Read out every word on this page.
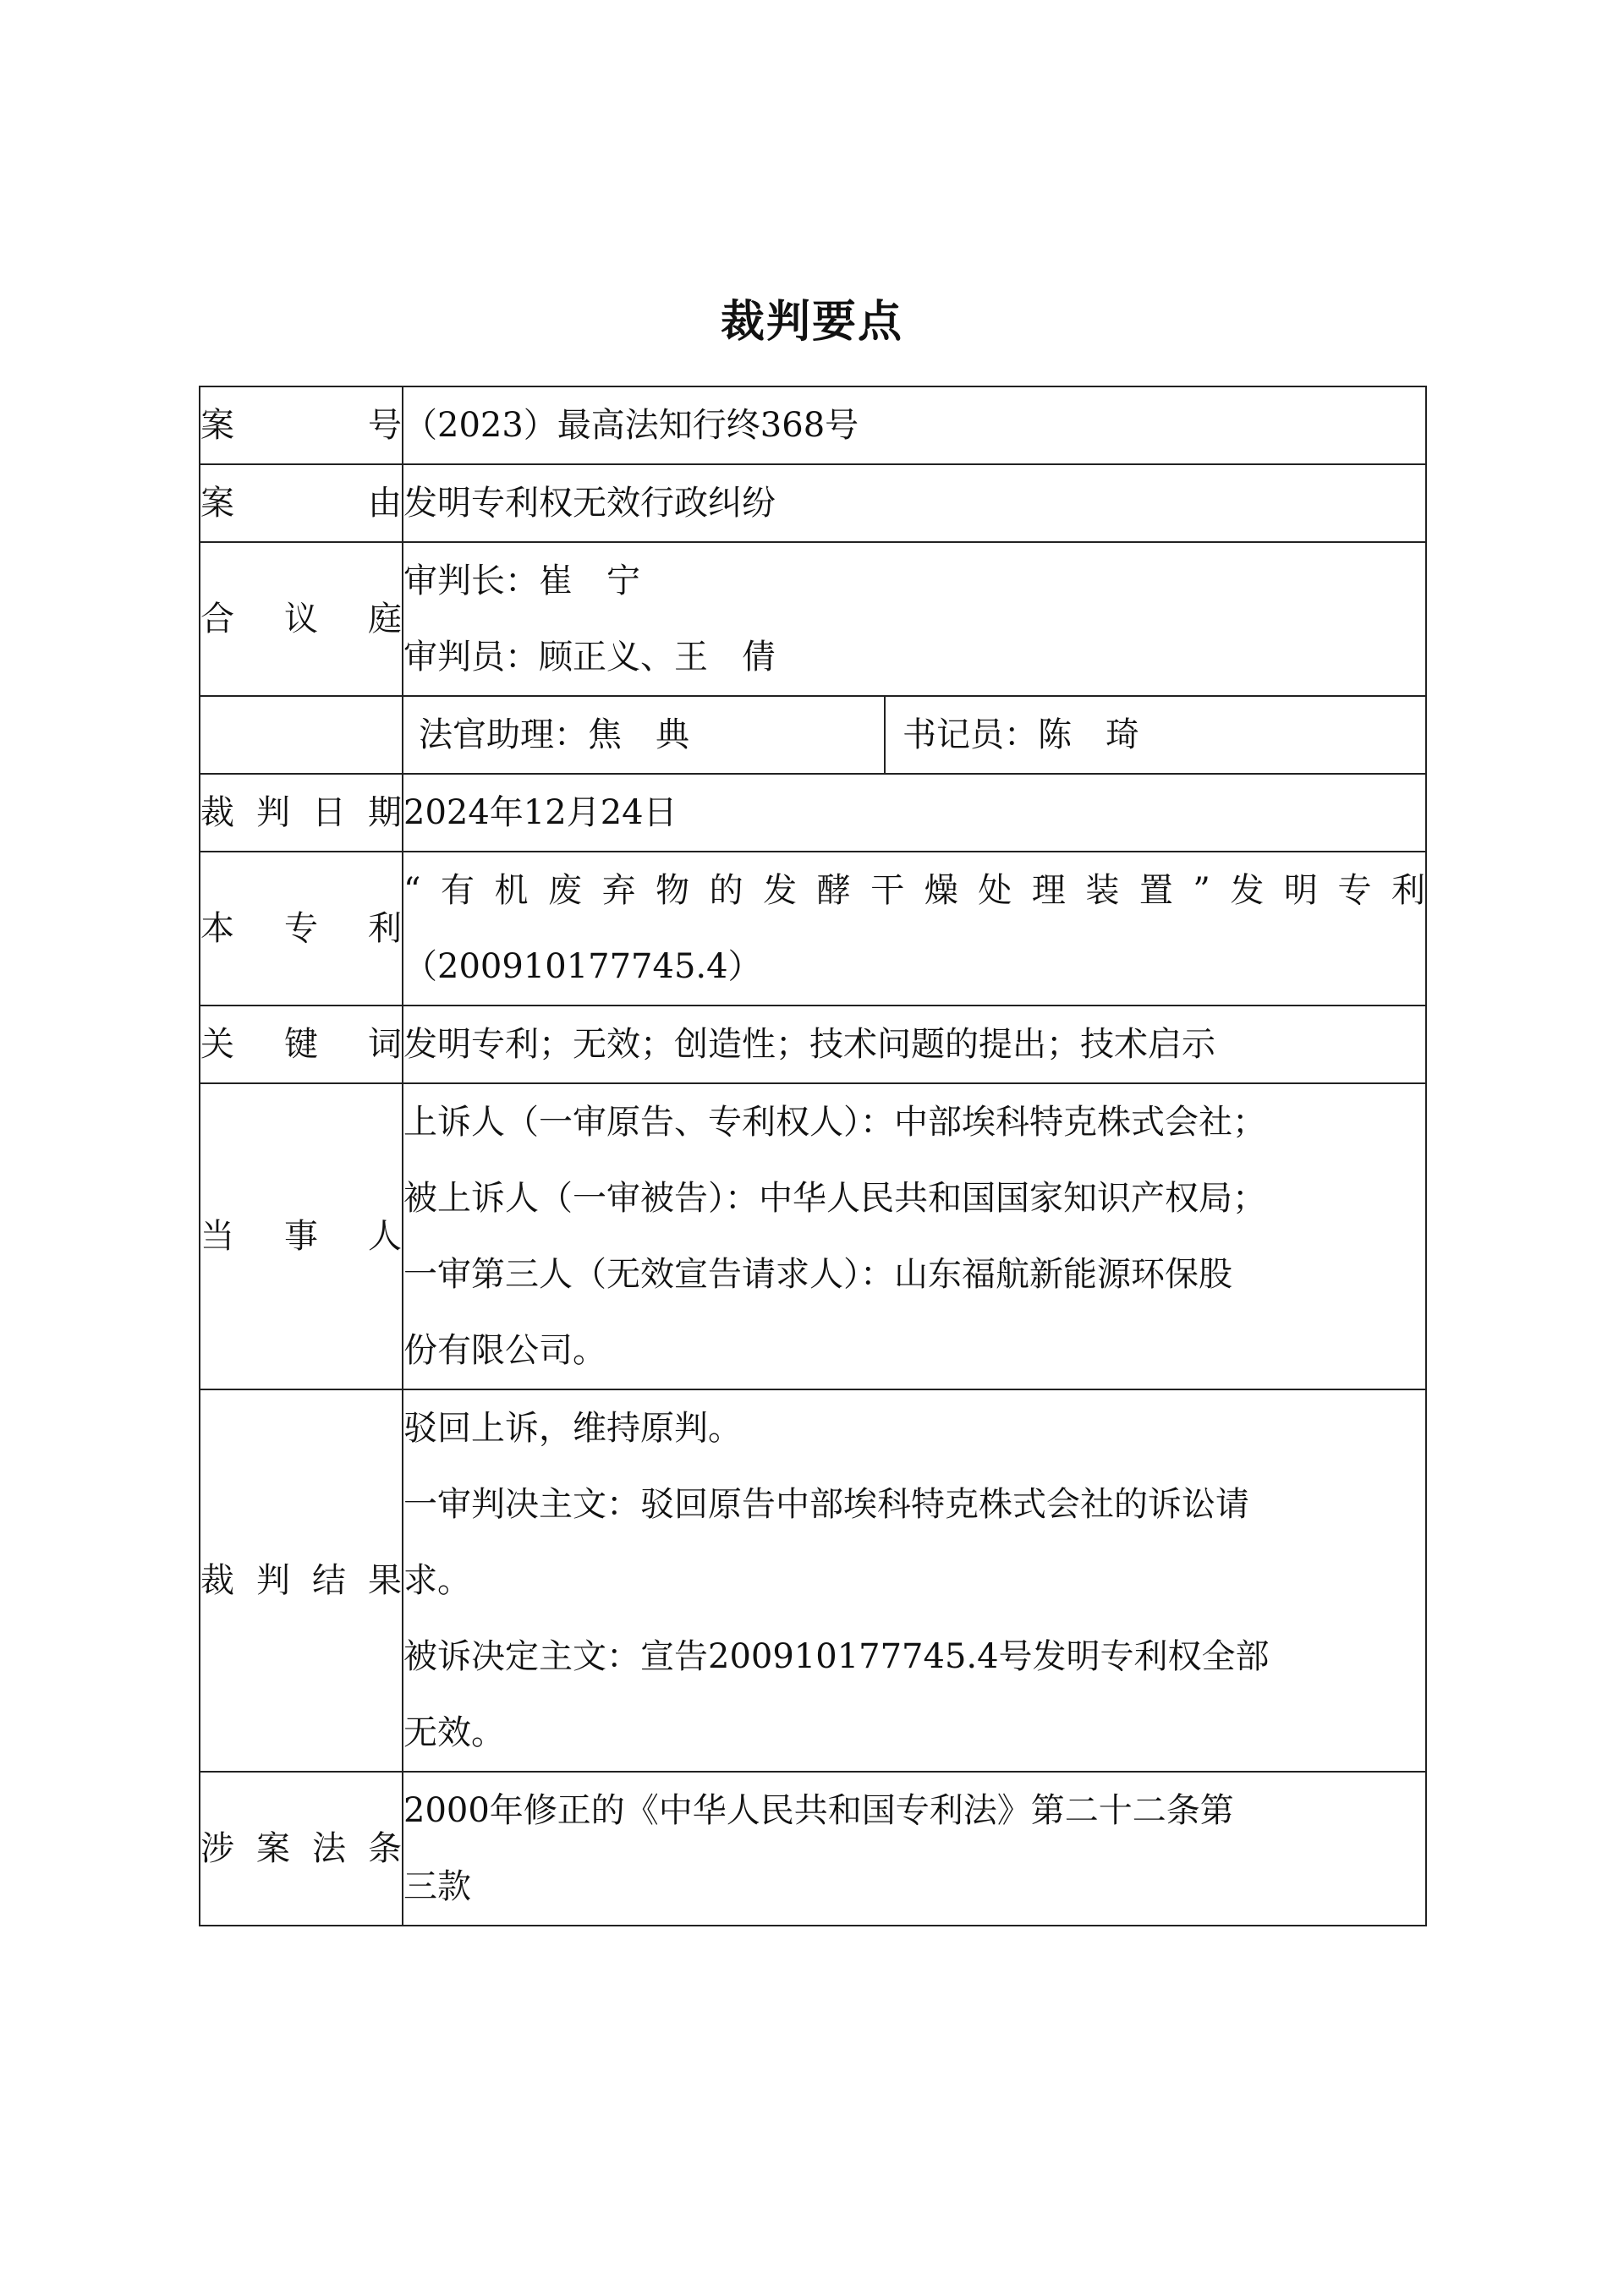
裁判要点
案　号	（2023）最高法知行终368号

案　由	发明专利权无效行政纠纷

合议庭	审判长：崔　宁
审判员：顾正义、王　倩

	法官助理：焦　典 书记员：陈　琦

裁判日期	2024年12月24日

本专利	“有机废弃物的发酵干燥处理装置”发明专利
（200910177745.4）

关键词	发明专利；无效；创造性；技术问题的提出；技术启示

当事人	上诉人（一审原告、专利权人）：中部埃科特克株式会社；
被上诉人（一审被告）：中华人民共和国国家知识产权局；
一审第三人（无效宣告请求人）：山东福航新能源环保股
份有限公司。

裁判结果	驳回上诉，维持原判。
一审判决主文：驳回原告中部埃科特克株式会社的诉讼请
求。
被诉决定主文：宣告200910177745.4号发明专利权全部
无效。

涉案法条	2000年修正的《中华人民共和国专利法》第二十二条第
三款
